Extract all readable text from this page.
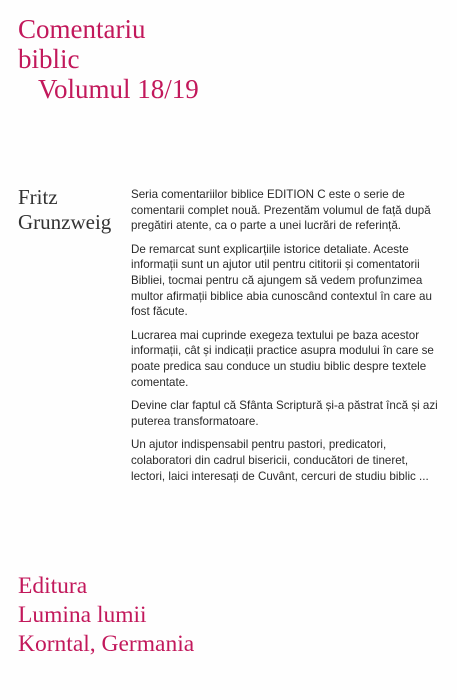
Comentariu
biblic
Volumul 18/19
Fritz
Grunzweig

Seria comentariilor biblice EDITION C este o serie de comentarii complet nouă. Prezentăm volumul de față după pregătiri atente, ca o parte a unei lucrări de referință.

De remarcat sunt explicarțiile istorice detaliate. Aceste informații sunt un ajutor util pentru cititorii și comentatorii Bibliei, tocmai pentru că ajungem să vedem profunzimea multor afirmații biblice abia cunoscând contextul în care au fost făcute.

Lucrarea mai cuprinde exegeza textului pe baza acestor informații, cât și indicații practice asupra modului în care se poate predica sau conduce un studiu biblic despre textele comentate.

Devine clar faptul că Sfânta Scriptură și-a păstrat încă și azi puterea transformatoare.

Un ajutor indispensabil pentru pastori, predicatori, colaboratori din cadrul bisericii, conducători de tineret, lectori, laici interesați de Cuvânt, cercuri de studiu biblic ...

Editura
Lumina lumii
Korntal, Germania
